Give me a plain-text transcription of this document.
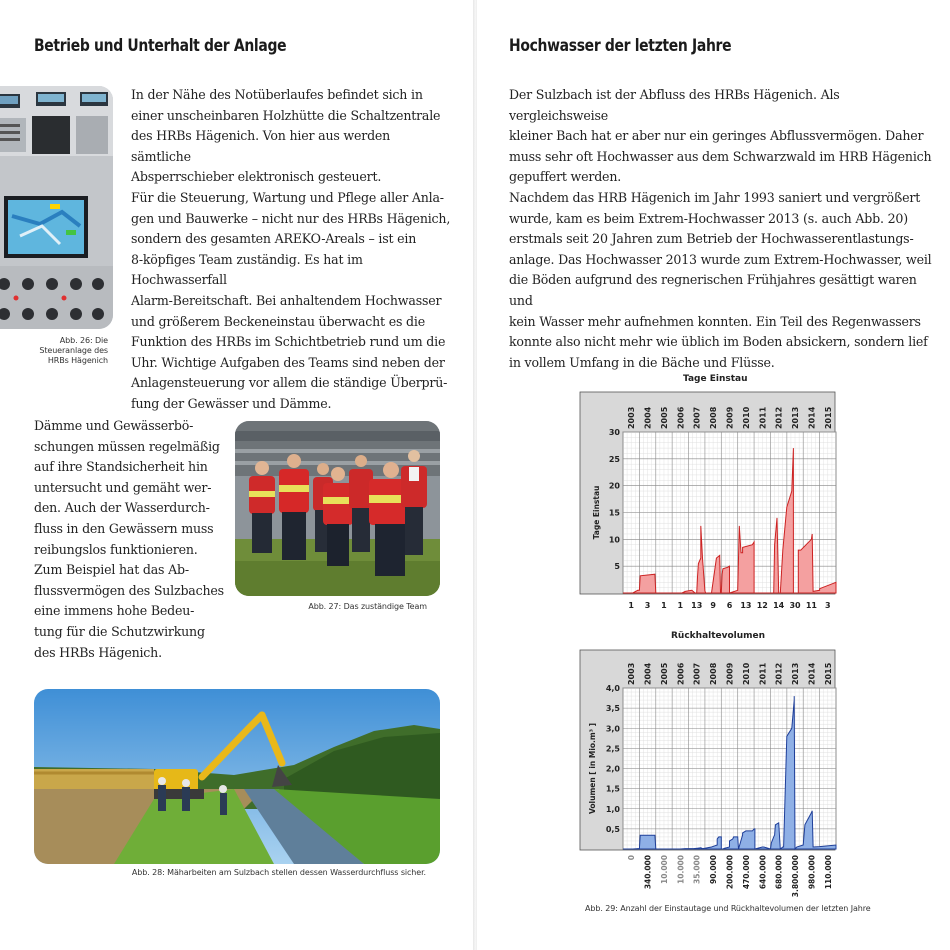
Betrieb und Unterhalt der Anlage
Abb. 26: Die
Steueranlage des
HRBs Hägenich

In der Nähe des Notüberlaufes befindet sich in

einer unscheinbaren Holzhütte die Schaltzentrale

des HRBs Hägenich. Von hier aus werden sämtliche

Absperrschieber elektronisch gesteuert.

Für die Steuerung, Wartung und Pflege aller Anla-

gen und Bauwerke – nicht nur des HRBs Hägenich,

sondern des gesamten AREKO-Areals – ist ein

8-köpfiges Team zuständig. Es hat im Hochwasserfall

Alarm-Bereitschaft. Bei anhaltendem Hochwasser

und größerem Beckeneinstau überwacht es die

Funktion des HRBs im Schichtbetrieb rund um die

Uhr. Wichtige Aufgaben des Teams sind neben der

Anlagensteuerung vor allem die ständige Überprü-

fung der Gewässer und Dämme.

Dämme und Gewässerbö-

schungen müssen regelmäßig

auf ihre Standsicherheit hin

untersucht und gemäht wer-

den. Auch der Wasserdurch-

fluss in den Gewässern muss

reibungslos funktionieren.

Zum Beispiel hat das Ab-

flussvermögen des Sulzbaches

eine immens hohe Bedeu-

tung für die Schutzwirkung

des HRBs Hägenich.

Abb. 27: Das zuständige Team
Abb. 28: Mäharbeiten am Sulzbach stellen dessen Wasserdurchfluss sicher.
Hochwasser der letzten Jahre

Der Sulzbach ist der Abfluss des HRBs Hägenich. Als vergleichsweise

kleiner Bach hat er aber nur ein geringes Abflussvermögen. Daher

muss sehr oft Hochwasser aus dem Schwarzwald im HRB Hägenich

gepuffert werden.

Nachdem das HRB Hägenich im Jahr 1993 saniert und vergrößert

wurde, kam es beim Extrem-Hochwasser 2013 (s. auch Abb. 20)

erstmals seit 20 Jahren zum Betrieb der Hochwasserentlastungs-

anlage. Das Hochwasser 2013 wurde zum Extrem-Hochwasser, weil

die Böden aufgrund des regnerischen Frühjahres gesättigt waren und

kein Wasser mehr aufnehmen konnten. Ein Teil des Regenwassers

konnte also nicht mehr wie üblich im Boden absickern, sondern lief

in vollem Umfang in die Bäche und Flüsse.

Tage Einstau
5
10
15
20
25
30
2003 2004 2005 2006 2007 2008 2009 2010 2011 2012 2013 2014 2015
1 3 1 1 13 9 6 13 12 14 30 11 3
Tage Einstau
Rückhaltevolumen
0,5
1,0
1,5
2,0
2,5
3,0
3,5
4,0
2003 2004 2005 2006 2007 2008 2009 2010 2011 2012 2013 2014 2015
0 340.000 10.000 10.000 35.000 90.000 200.000 470.000 640.000 680.000 3.800.000 980.000 110.000
Volumen [ in Mio.m³ ]
Abb. 29: Anzahl der Einstautage und Rückhaltevolumen der letzten Jahre
